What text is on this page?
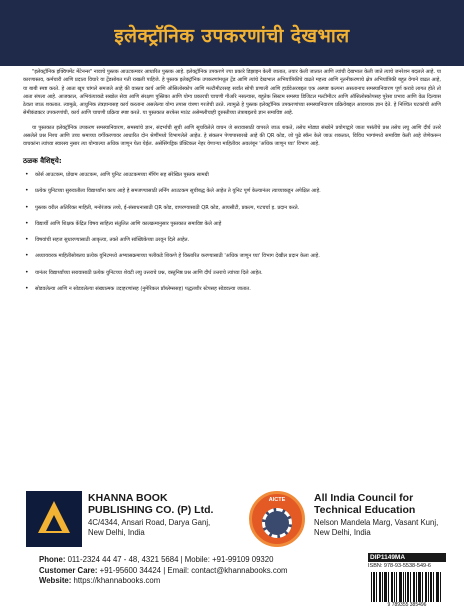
इलेक्ट्रॉनिक उपकरणांची देखभाल

"इलेक्ट्रॉनिक इक्विपमेंट मेंटेनन्स" नावाचे पुस्तक आउटकमवर आधारित पुस्तक आहे. इलेक्ट्रॉनिक उपकरणे ज्या प्रकारे डिझाइन केली जातात, तयार केली जातात आणि त्यांची देखभाल केली जाते त्याचे जनरेशन बदलले आहे. या कारणास्तव, कर्मचारी आणि प्रदाता विचारे या ट्रेंडसोबत गती राखली पाहिजे. हे पुस्तक इलेक्ट्रॉनिक उपकरणांमधूल ट्रेंड आणि त्यांचे देखभाल अभियांत्रिकीचे वाढते महत्त्व आणि नूतनीकरणाचे क्षेत्र अभियांत्रिकी बहुत वेगाने वाढत आहे, या बाबी स्पष्ट करते. हे आता खूप चांगले समजले आहे की वास्तव कार्य आणि ऑसिलोस्कोप आणि मल्टीमीटरसह सर्वांत सोपी प्रणाली आणि हार्डवेअरबद्दल एक अस्पष्ट कल्पना असतानाच समस्यानिवारण पूर्ण करावे लागत होते तो आता संपला आहे. आजकाल, अभियंत्याकडे सखोल सेवा आणि संरक्षण पुस्तिका आणि योग्य प्रकारची चाचणी गीअरि नसल्यास, बहुतेक सिस्टम समस्या डिजिटल मल्टीमीटर आणि ऑसिलोस्कोपसह पुरेसा प्रभाव आणि वेळ दिल्यास ठेवता जाऊ शकतात. त्यामुळे, आधुनिक तंत्रज्ञानासह कार्य करताना असलेल्या योग्य तपास यंत्रणा गरजेची ठरते. त्यामुळे हे पुस्तक इलेक्ट्रॉनिक उपकरणांच्या समस्यानिवारण प्रक्रियेबद्दल आवश्यक ज्ञान देते. हे निश्चित घटकांची आणि सेमीकंडक्टर उपकरणांची, कार्य आणि चाचणी प्रक्रिया स्पष्ट करते. या पुस्तकात सरफेस माउंट असेम्ब्लीचाही दुरुस्तीच्या तंत्राबद्दलचे ज्ञान समाविष्ट आहे.

या पुस्तकात इलेक्ट्रॉनिक उपकरण समस्यानिवारण, समस्यांचे ज्ञान, संदर्भाची सूची आणि सूचविलेले वाचन जे सरावासाठी वापरले जाऊ शकते, तसेच मोठ्या संख्येने प्रयोगाद्वारे जाता पसंतीचे प्रश्न तसेच लघु आणि दीर्घ उत्तरे असलेले प्रश्न निश्च आणि उच्च श्रमाच्या वर्गीकरणावर आधारित दोन श्रेणींमध्ये विभागलेले आहेत. हे संकलन पेणापासारखे आहे की QR कोड, जो पुढे स्कॅन केले जाऊ शकतात, विविध भागांमध्ये समाविष्ट केली आहे जेणेकरून वाचकांना त्यांच्या स्वारस्य नुसार त्या योग्याल्या अधिक जाणून घेता येईल. असेसिंगड्रिक प्रॅक्टिकल नेहर येणाऱ्या माहितीवर अवलंबून 'अधिक जाणून घ्या' विभाग आहे.

ठळक वैशिष्ट्ये:
• कोर्स आउटकम, प्रोग्राम आउटकम, आणि युनिट आउटकमच्या मॅपिंग सह संरेखित पुस्तक सामग्री
• प्रत्येक युनिटच्या सुरुवातीला विद्यार्थ्यांना काय आहे हे समजण्यासाठी लर्निंग आउटकम सूचीबद्ध केले आहेत ते युनिट पूर्ण केल्यानंतर त्याच्याकडून अपेक्षित आहे.
• पुस्तक वरील अतिरिक्त माहिती, मनोरंजक तथ्ये, ई-संसाधनासाठी QR कोड, वापरण्यासाठी QR कोड, आयसीटी, प्रकल्प, गटचर्चा इ. प्रदान करते.
• विद्यार्थी आणि शिक्षक केंद्रित विषय साहित्य संतुलित आणि कालक्रमानुसार पुस्तकात समाविष्ट केले आहे
• विषयांची सहज सुधारण्यासाठी आकृत्या, तक्ते आणि सांख्यिकेच्या ठरवून दिले आहेत.
• अध्यायवरक माहितीसोबतच प्रत्येक युनिटमध्ये अभ्यासक्रमाच्या पलीकडे शिकणे हे विस्तारित करण्यासाठी 'अधिक जाणून घ्या' विभाग देखील प्रदान केला आहे.
• यानंतर विद्यार्थ्यांच्या सरावासाठी प्रत्येक युनिटच्या शेवटी लघु उत्तराचे प्रश्न, वस्तुनिष्ठ प्रश्न आणि दीर्घ उत्तराचे त्यांच्या दिले आहेत.
• सोडवलेल्या आणि न सोडवलेल्या संख्यात्मक उदाहरणांसह (नुमेरिकल प्रॉब्लेम्ससह) पद्धतशीर स्टेपसह सोडवल्या जातात.
KHANNA BOOK
PUBLISHING CO. (P) Ltd.
4C/4344, Ansari Road, Darya Ganj,
New Delhi, India
AICTE	All India Council for
Technical Education
Nelson Mandela Marg, Vasant Kunj,
New Delhi, India
Phone: 011-2324 44 47 - 48, 4321 5684 | Mobile: +91-99109 09320
Customer Care: +91-95600 34424 | Email: contact@khannabooks.com
Website: https://khannabooks.com
DIP1149MA
ISBN: 978-93-5538-549-6
9 789355 385496
